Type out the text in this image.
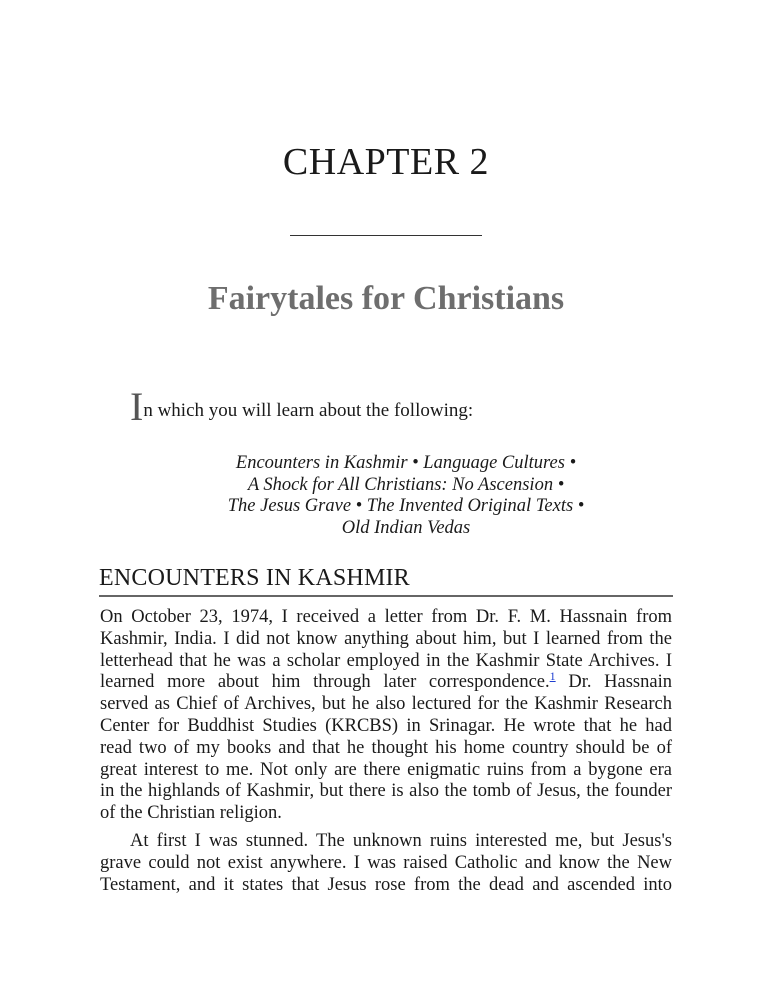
CHAPTER 2
Fairytales for Christians
In which you will learn about the following:
Encounters in Kashmir • Language Cultures •
A Shock for All Christians: No Ascension •
The Jesus Grave • The Invented Original Texts •
Old Indian Vedas
ENCOUNTERS IN KASHMIR
On October 23, 1974, I received a letter from Dr. F. M. Hassnain from
Kashmir, India. I did not know anything about him, but I learned from the
letterhead that he was a scholar employed in the Kashmir State Archives. I
learned more about him through later correspondence.$^1$ Dr. Hassnain
served as Chief of Archives, but he also lectured for the Kashmir Research
Center for Buddhist Studies (KRCBS) in Srinagar. He wrote that he had
read two of my books and that he thought his home country should be of
great interest to me. Not only are there enigmatic ruins from a bygone era
in the highlands of Kashmir, but there is also the tomb of Jesus, the founder
of the Christian religion.
At first I was stunned. The unknown ruins interested me, but Jesus's
grave could not exist anywhere. I was raised Catholic and know the New
Testament, and it states that Jesus rose from the dead and ascended into
